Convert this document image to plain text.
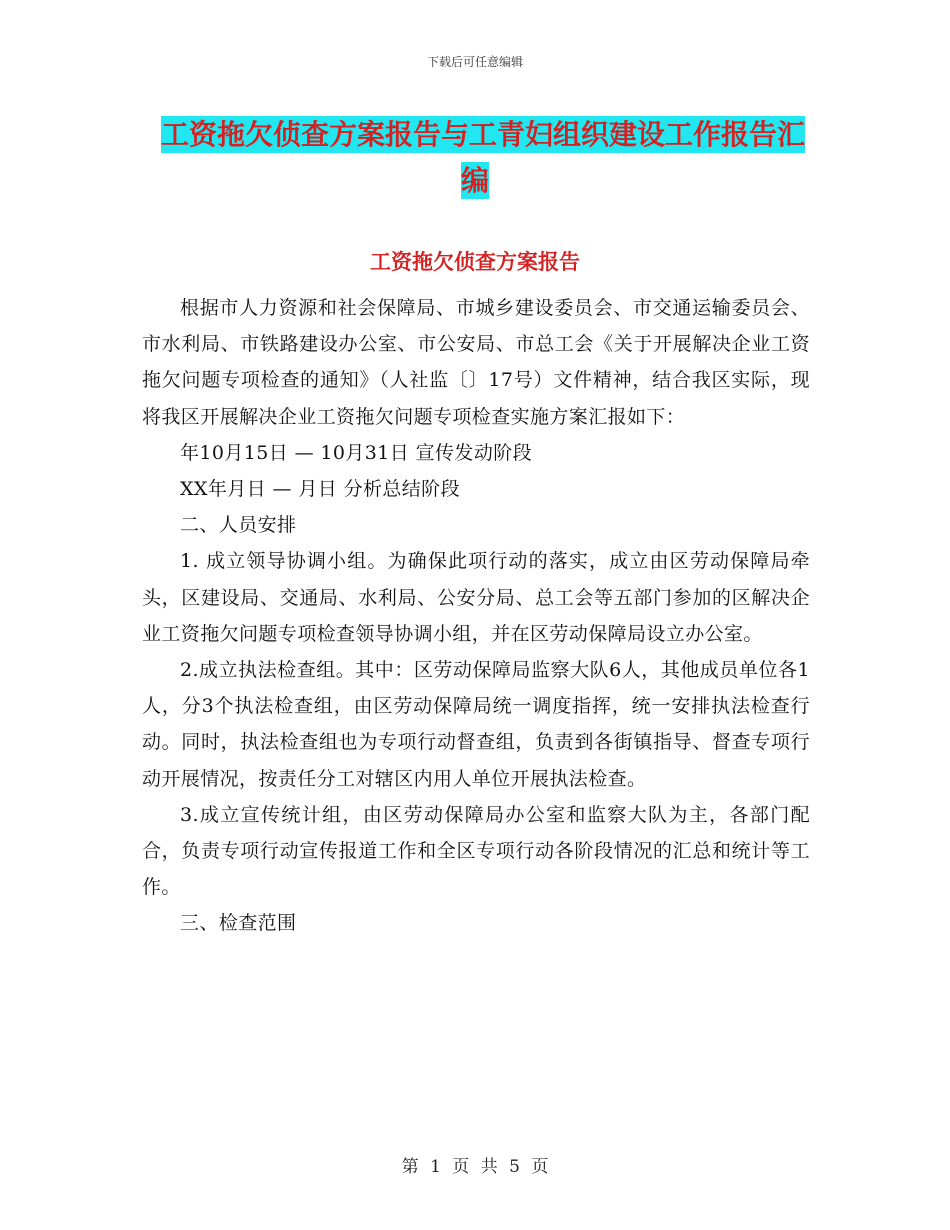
下载后可任意编辑
工资拖欠侦查方案报告与工青妇组织建设工作报告汇
编
工资拖欠侦查方案报告

根据市人力资源和社会保障局、市城乡建设委员会、市交通运输委员会、市水利局、市铁路建设办公室、市公安局、市总工会《关于开展解决企业工资拖欠问题专项检查的通知》（人社监〔〕17号）文件精神，结合我区实际，现将我区开展解决企业工资拖欠问题专项检查实施方案汇报如下：

年10月15日 — 10月31日 宣传发动阶段

XX年月日 — 月日 分析总结阶段

二、人员安排

1. 成立领导协调小组。为确保此项行动的落实，成立由区劳动保障局牵头，区建设局、交通局、水利局、公安分局、总工会等五部门参加的区解决企业工资拖欠问题专项检查领导协调小组，并在区劳动保障局设立办公室。

2.成立执法检查组。其中：区劳动保障局监察大队6人，其他成员单位各1人，分3个执法检查组，由区劳动保障局统一调度指挥，统一安排执法检查行动。同时，执法检查组也为专项行动督查组，负责到各街镇指导、督查专项行动开展情况，按责任分工对辖区内用人单位开展执法检查。

3.成立宣传统计组，由区劳动保障局办公室和监察大队为主，各部门配合，负责专项行动宣传报道工作和全区专项行动各阶段情况的汇总和统计等工作。

三、检查范围

第 1 页 共 5 页
